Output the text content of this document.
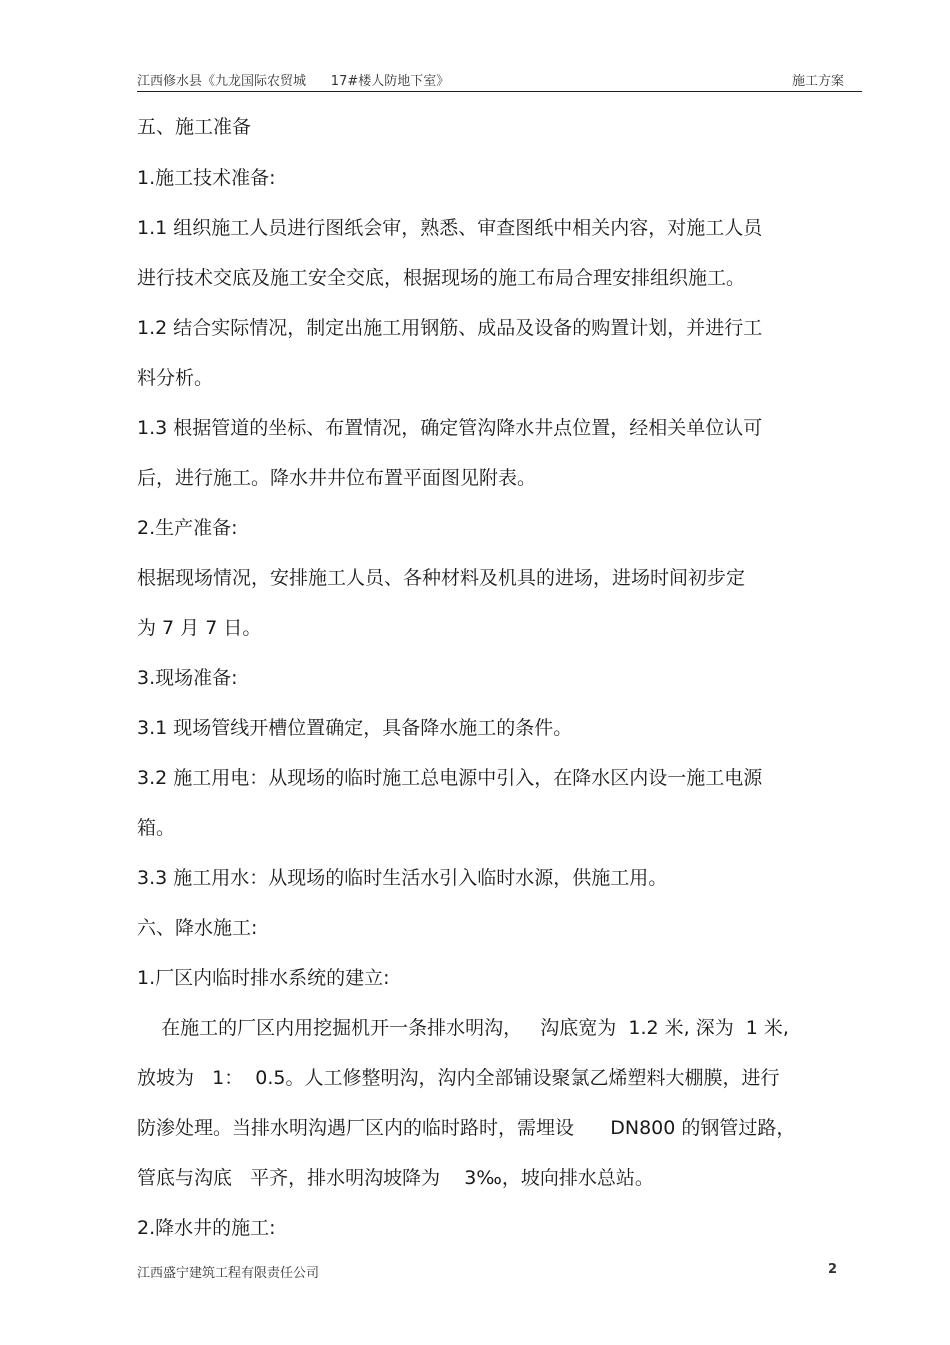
江西修水县《九龙国际农贸城      17#楼人防地下室》	施工方案
五、施工准备
1.施工技术准备:
1.1 组织施工人员进行图纸会审，熟悉、审查图纸中相关内容，对施工人员
进行技术交底及施工安全交底，根据现场的施工布局合理安排组织施工。
1.2 结合实际情况，制定出施工用钢筋、成品及设备的购置计划，并进行工
料分析。
1.3 根据管道的坐标、布置情况，确定管沟降水井点位置，经相关单位认可
后，进行施工。降水井井位布置平面图见附表。
2.生产准备:
根据现场情况，安排施工人员、各种材料及机具的进场，进场时间初步定
为 7 月 7 日。
3.现场准备:
3.1 现场管线开槽位置确定，具备降水施工的条件。
3.2 施工用电：从现场的临时施工总电源中引入，在降水区内设一施工电源
箱。
3.3 施工用水：从现场的临时生活水引入临时水源，供施工用。
六、降水施工:
1.厂区内临时排水系统的建立:
在施工的厂区内用挖掘机开一条排水明沟，   沟底宽为  1.2 米, 深为  1 米,
放坡为   1：  0.5。人工修整明沟，沟内全部铺设聚氯乙烯塑料大棚膜，进行
防渗处理。当排水明沟遇厂区内的临时路时，需埋设      DN800 的钢管过路，
管底与沟底   平齐，排水明沟坡降为    3‰，坡向排水总站。
2.降水井的施工:
江西盛宁建筑工程有限责任公司	2
